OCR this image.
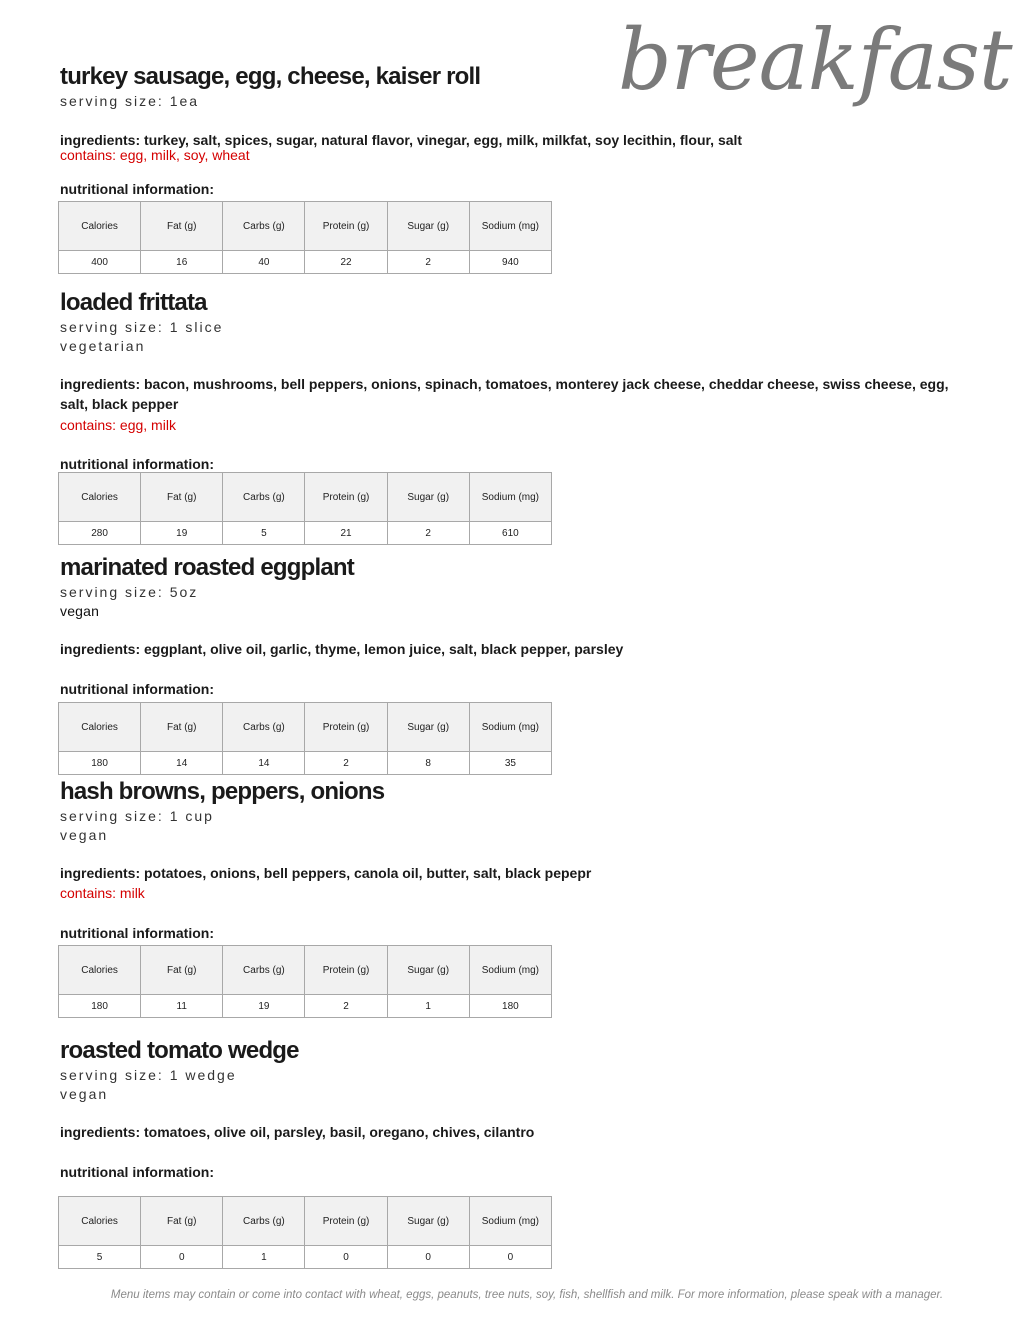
breakfast
turkey sausage, egg, cheese, kaiser roll

serving size: 1ea

ingredients: turkey, salt, spices, sugar, natural flavor, vinegar, egg, milk, milkfat, soy lecithin, flour, salt

contains: egg, milk, soy, wheat

nutritional information:

Calories	Fat (g)	Carbs (g)	Protein (g)	Sugar (g)	Sodium (mg)
400	16	40	22	2	940
loaded frittata

serving size: 1 slice

vegetarian

ingredients: bacon, mushrooms, bell peppers, onions, spinach, tomatoes, monterey jack cheese, cheddar cheese, swiss cheese, egg, salt, black pepper

contains: egg, milk

nutritional information:

Calories	Fat (g)	Carbs (g)	Protein (g)	Sugar (g)	Sodium (mg)
280	19	5	21	2	610
marinated roasted eggplant

serving size: 5oz

vegan

ingredients: eggplant, olive oil, garlic, thyme, lemon juice, salt, black pepper, parsley

nutritional information:

Calories	Fat (g)	Carbs (g)	Protein (g)	Sugar (g)	Sodium (mg)
180	14	14	2	8	35
hash browns, peppers, onions

serving size: 1 cup

vegan

ingredients: potatoes, onions, bell peppers, canola oil, butter, salt, black pepepr

contains: milk

nutritional information:

Calories	Fat (g)	Carbs (g)	Protein (g)	Sugar (g)	Sodium (mg)
180	11	19	2	1	180
roasted tomato wedge

serving size: 1 wedge

vegan

ingredients: tomatoes, olive oil, parsley, basil, oregano, chives, cilantro

nutritional information:

Calories	Fat (g)	Carbs (g)	Protein (g)	Sugar (g)	Sodium (mg)
5	0	1	0	0	0

Menu items may contain or come into contact with wheat, eggs, peanuts, tree nuts, soy, fish, shellfish and milk. For more information, please speak with a manager.
